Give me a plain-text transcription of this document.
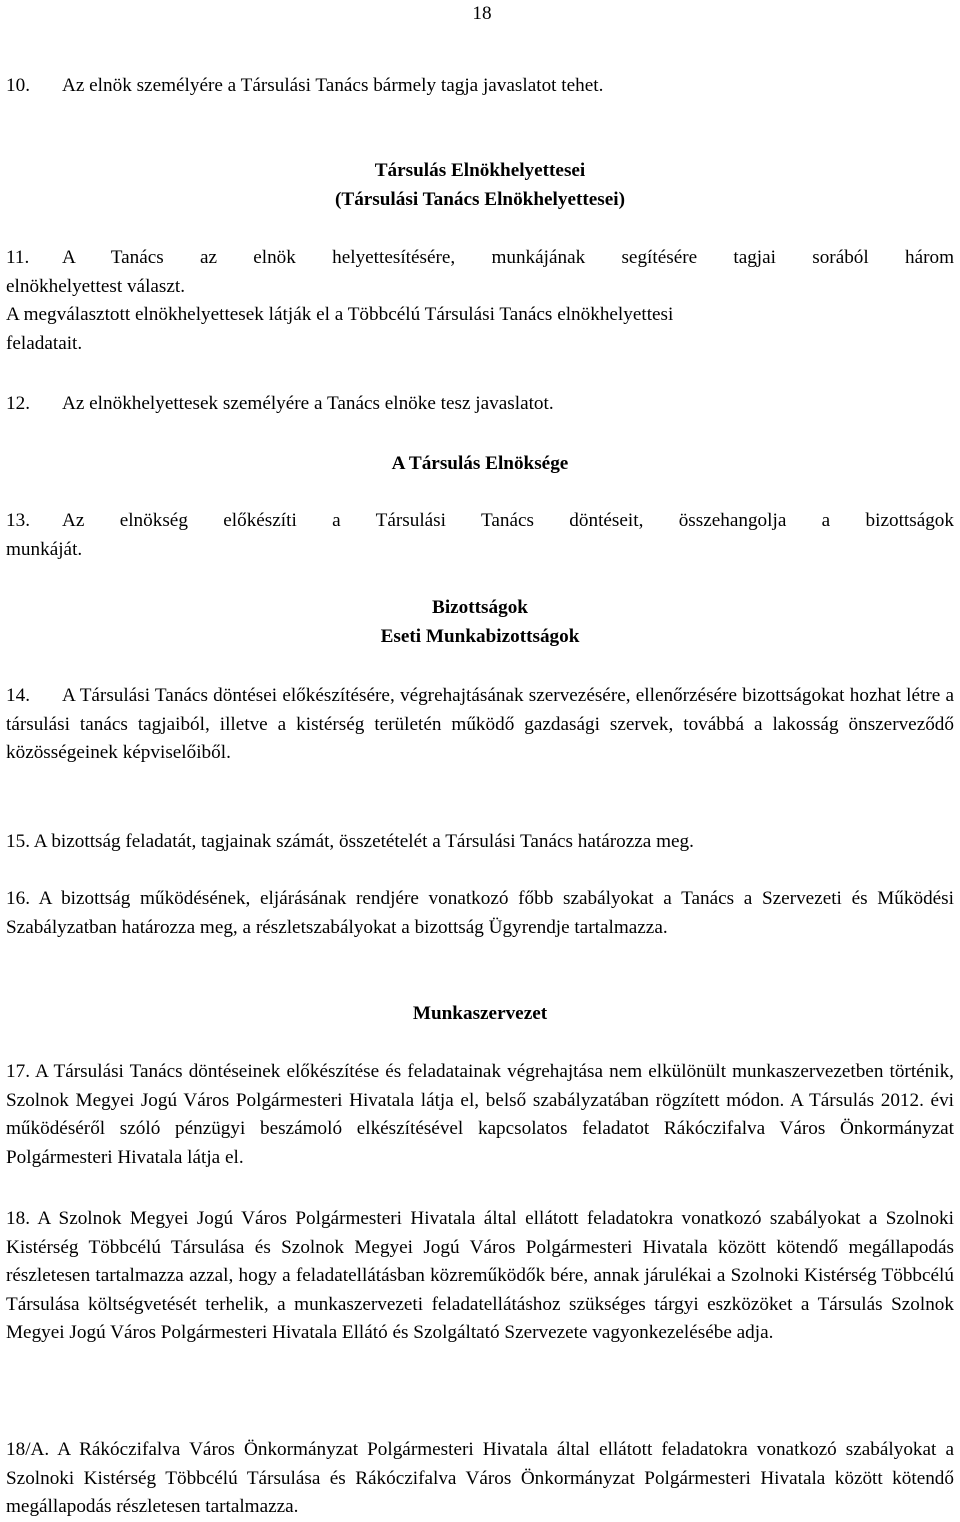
18
10. Az elnök személyére a Társulási Tanács bármely tagja javaslatot tehet.
Társulás Elnökhelyettesei
(Társulási Tanács Elnökhelyettesei)
11. A Tanács az elnök helyettesítésére, munkájának segítésére tagjai sorából három
elnökhelyettest választ.
A megválasztott elnökhelyettesek látják el a Többcélú Társulási Tanács elnökhelyettesi
feladatait.
12. Az elnökhelyettesek személyére a Tanács elnöke tesz javaslatot.
A Társulás Elnöksége
13. Az elnökség előkészíti a Társulási Tanács döntéseit, összehangolja a bizottságok
munkáját.
Bizottságok
Eseti Munkabizottságok
14. A Társulási Tanács döntései előkészítésére, végrehajtásának szervezésére, ellenőrzésére bizottságokat hozhat létre a társulási tanács tagjaiból, illetve a kistérség területén működő gazdasági szervek, továbbá a lakosság önszerveződő közösségeinek képviselőiből.
15. A bizottság feladatát, tagjainak számát, összetételét a Társulási Tanács határozza meg.
16. A bizottság működésének, eljárásának rendjére vonatkozó főbb szabályokat a Tanács a Szervezeti és Működési Szabályzatban határozza meg, a részletszabályokat a bizottság Ügyrendje tartalmazza.
Munkaszervezet
17. A Társulási Tanács döntéseinek előkészítése és feladatainak végrehajtása nem elkülönült munkaszervezetben történik, Szolnok Megyei Jogú Város Polgármesteri Hivatala látja el, belső szabályzatában rögzített módon. A Társulás 2012. évi működéséről szóló pénzügyi beszámoló elkészítésével kapcsolatos feladatot Rákóczifalva Város Önkormányzat Polgármesteri Hivatala látja el.
18. A Szolnok Megyei Jogú Város Polgármesteri Hivatala által ellátott feladatokra vonatkozó szabályokat a Szolnoki Kistérség Többcélú Társulása és Szolnok Megyei Jogú Város Polgármesteri Hivatala között kötendő megállapodás részletesen tartalmazza azzal, hogy a feladatellátásban közreműködők bére, annak járulékai a Szolnoki Kistérség Többcélú Társulása költségvetését terhelik, a munkaszervezeti feladatellátáshoz szükséges tárgyi eszközöket a Társulás Szolnok Megyei Jogú Város Polgármesteri Hivatala Ellátó és Szolgáltató Szervezete vagyonkezelésébe adja.
18/A. A Rákóczifalva Város Önkormányzat Polgármesteri Hivatala által ellátott feladatokra vonatkozó szabályokat a Szolnoki Kistérség Többcélú Társulása és Rákóczifalva Város Önkormányzat Polgármesteri Hivatala között kötendő megállapodás részletesen tartalmazza.
